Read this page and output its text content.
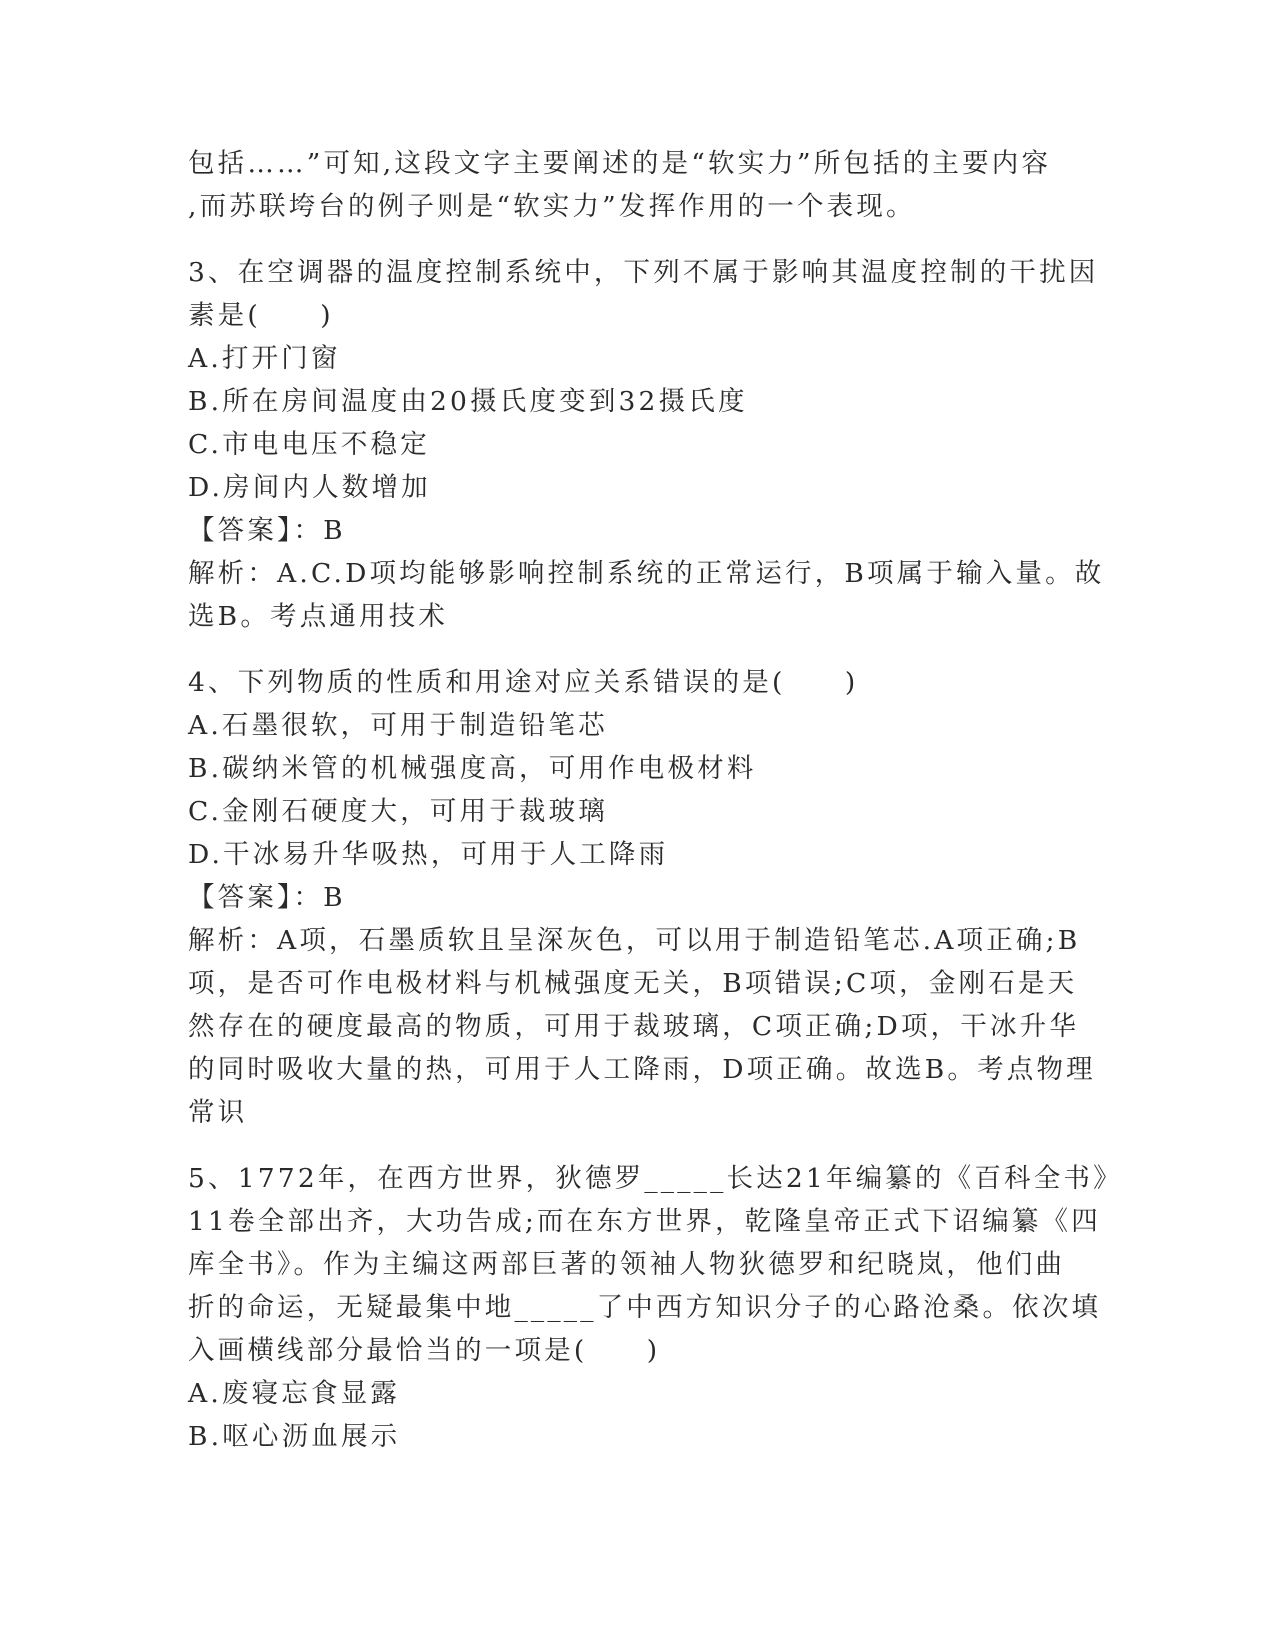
包括……”可知,这段文字主要阐述的是“软实力”所包括的主要内容
,而苏联垮台的例子则是“软实力”发挥作用的一个表现。
3、在空调器的温度控制系统中，下列不属于影响其温度控制的干扰因
素是(　　)
A.打开门窗
B.所在房间温度由20摄氏度变到32摄氏度
C.市电电压不稳定
D.房间内人数增加
【答案】：B
解析：A.C.D项均能够影响控制系统的正常运行，B项属于输入量。故
选B。考点通用技术
4、下列物质的性质和用途对应关系错误的是(　　)
A.石墨很软，可用于制造铅笔芯
B.碳纳米管的机械强度高，可用作电极材料
C.金刚石硬度大，可用于裁玻璃
D.干冰易升华吸热，可用于人工降雨
【答案】：B
解析：A项，石墨质软且呈深灰色，可以用于制造铅笔芯.A项正确;B
项，是否可作电极材料与机械强度无关，B项错误;C项，金刚石是天
然存在的硬度最高的物质，可用于裁玻璃，C项正确;D项，干冰升华
的同时吸收大量的热，可用于人工降雨，D项正确。故选B。考点物理
常识
5、1772年，在西方世界，狄德罗_____长达21年编纂的《百科全书》
11卷全部出齐，大功告成;而在东方世界，乾隆皇帝正式下诏编纂《四
库全书》。作为主编这两部巨著的领袖人物狄德罗和纪晓岚，他们曲
折的命运，无疑最集中地_____了中西方知识分子的心路沧桑。依次填
入画横线部分最恰当的一项是(　　)
A.废寝忘食显露
B.呕心沥血展示
